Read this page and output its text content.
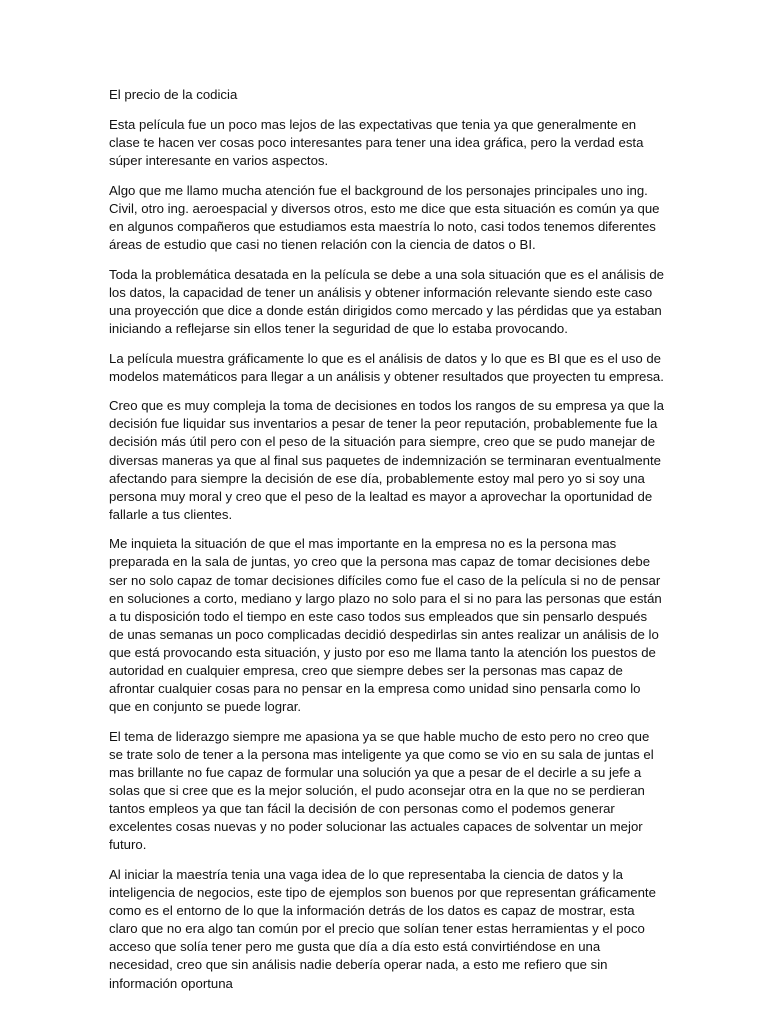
El precio de la codicia

Esta película fue un poco mas lejos de las expectativas que tenia ya que generalmente en clase te hacen ver cosas poco interesantes para tener una idea gráfica, pero la verdad esta súper interesante en varios aspectos.

Algo que me llamo mucha atención fue el background de los personajes principales uno ing. Civil, otro ing. aeroespacial y diversos otros, esto me dice que esta situación es común ya que en algunos compañeros que estudiamos esta maestría lo noto, casi todos tenemos diferentes áreas de estudio que casi no tienen relación con la ciencia de datos o BI.

Toda la problemática desatada en la película se debe a una sola situación que es el análisis de los datos, la capacidad de tener un análisis y obtener información relevante siendo este caso una proyección que dice a donde están dirigidos como mercado y las pérdidas que ya estaban iniciando a reflejarse sin ellos tener la seguridad de que lo estaba provocando.

La película muestra gráficamente lo que es el análisis de datos y lo que es BI que es el uso de modelos matemáticos para llegar a un análisis y obtener resultados que proyecten tu empresa.

Creo que es muy compleja la toma de decisiones en todos los rangos de su empresa ya que la decisión fue liquidar sus inventarios a pesar de tener la peor reputación, probablemente fue la decisión más útil pero con el peso de la situación para siempre, creo que se pudo manejar de diversas maneras ya que al final sus paquetes de indemnización se terminaran eventualmente afectando para siempre la decisión de ese día, probablemente estoy mal pero yo si soy una persona muy moral y creo que el peso de la lealtad es mayor a aprovechar la oportunidad de fallarle a tus clientes.

Me inquieta la situación de que el mas importante en la empresa no es la persona mas preparada en la sala de juntas, yo creo que la persona mas capaz de tomar decisiones debe ser no solo capaz de tomar decisiones difíciles como fue el caso de la película si no de pensar en soluciones a corto, mediano y largo plazo no solo para el si no para las personas que están a tu disposición todo el tiempo en este caso todos sus empleados que sin pensarlo después de unas semanas un poco complicadas decidió despedirlas sin antes realizar un análisis de lo que está provocando esta situación, y justo por eso me llama tanto la atención los puestos de autoridad en cualquier empresa, creo que siempre debes ser la personas mas capaz de afrontar cualquier cosas para no pensar en la empresa como unidad sino pensarla como lo que en conjunto se puede lograr.

El tema de liderazgo siempre me apasiona ya se que hable mucho de esto pero no creo que se trate solo de tener a la persona mas inteligente ya que como se vio en su sala de juntas el mas brillante no fue capaz de formular una solución ya que a pesar de el decirle a su jefe a solas que si cree que es la mejor solución, el pudo aconsejar otra en la que no se perdieran tantos empleos ya que tan fácil la decisión de con personas como el podemos generar excelentes cosas nuevas y no poder solucionar las actuales capaces de solventar un mejor futuro.

Al iniciar la maestría tenia una vaga idea de lo que representaba la ciencia de datos y la inteligencia de negocios, este tipo de ejemplos son buenos por que representan gráficamente como es el entorno de lo que la información detrás de los datos es capaz de mostrar, esta claro que no era algo tan común por el precio que solían tener estas herramientas y el poco acceso que solía tener pero me gusta que día a día esto está convirtiéndose en una necesidad, creo que sin análisis nadie debería operar nada, a esto me refiero que sin información oportuna
